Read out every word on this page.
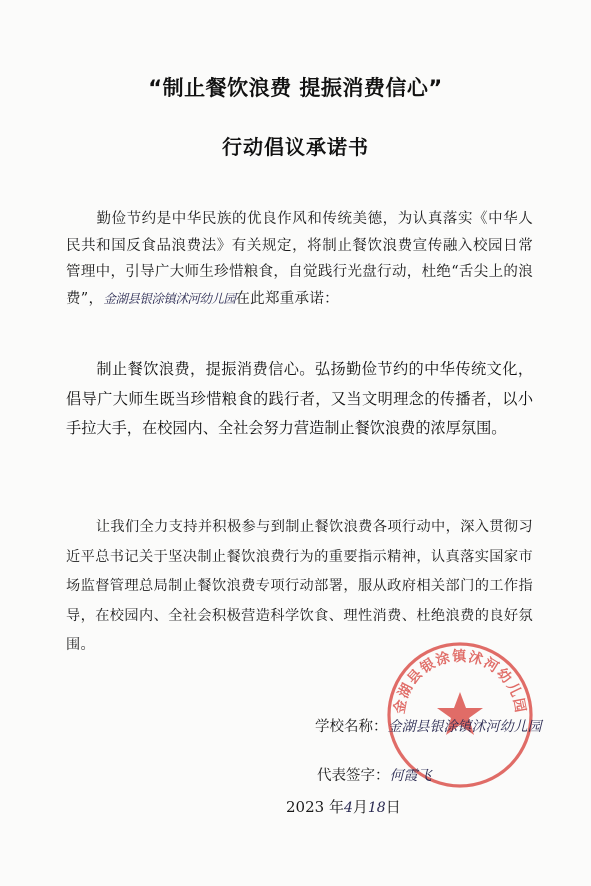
“制止餐饮浪费 提振消费信心”
行动倡议承诺书

勤俭节约是中华民族的优良作风和传统美德，为认真落实《中华人民共和国反食品浪费法》有关规定，将制止餐饮浪费宣传融入校园日常管理中，引导广大师生珍惜粮食，自觉践行光盘行动，杜绝“舌尖上的浪费”，金湖县银涂镇沭河幼儿园在此郑重承诺：

制止餐饮浪费，提振消费信心。弘扬勤俭节约的中华传统文化，倡导广大师生既当珍惜粮食的践行者，又当文明理念的传播者，以小手拉大手，在校园内、全社会努力营造制止餐饮浪费的浓厚氛围。

让我们全力支持并积极参与到制止餐饮浪费各项行动中，深入贯彻习近平总书记关于坚决制止餐饮浪费行为的重要指示精神，认真落实国家市场监督管理总局制止餐饮浪费专项行动部署，服从政府相关部门的工作指导，在校园内、全社会积极营造科学饮食、理性消费、杜绝浪费的良好氛围。

金湖县银涂镇沭河幼儿园

学校名称：金湖县银涂镇沭河幼儿园

代表签字：何霞飞

2023 年4月18日
